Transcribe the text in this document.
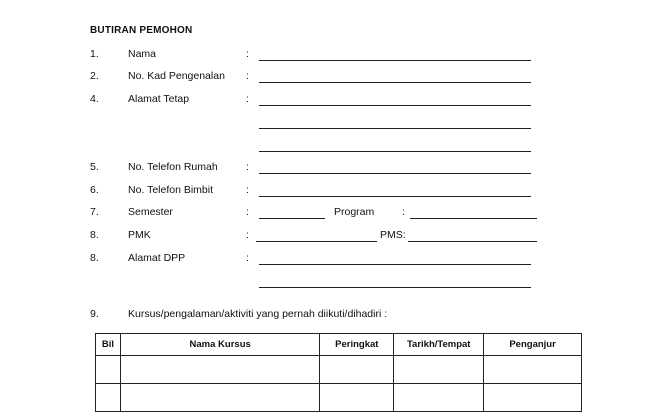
BUTIRAN PEMOHON
1.	Nama	:
2.	No. Kad Pengenalan :
4.	Alamat Tetap	:
5.	No. Telefon Rumah	:
6.	No. Telefon Bimbit	:
7.	Semester	:	Program	:
8.	PMK	:	PMS:
8.	Alamat DPP	:
9.	Kursus/pengalaman/aktiviti yang pernah diikuti/dihadiri :
Bil	Nama Kursus	Peringkat	Tarikh/Tempat	Penganjur
